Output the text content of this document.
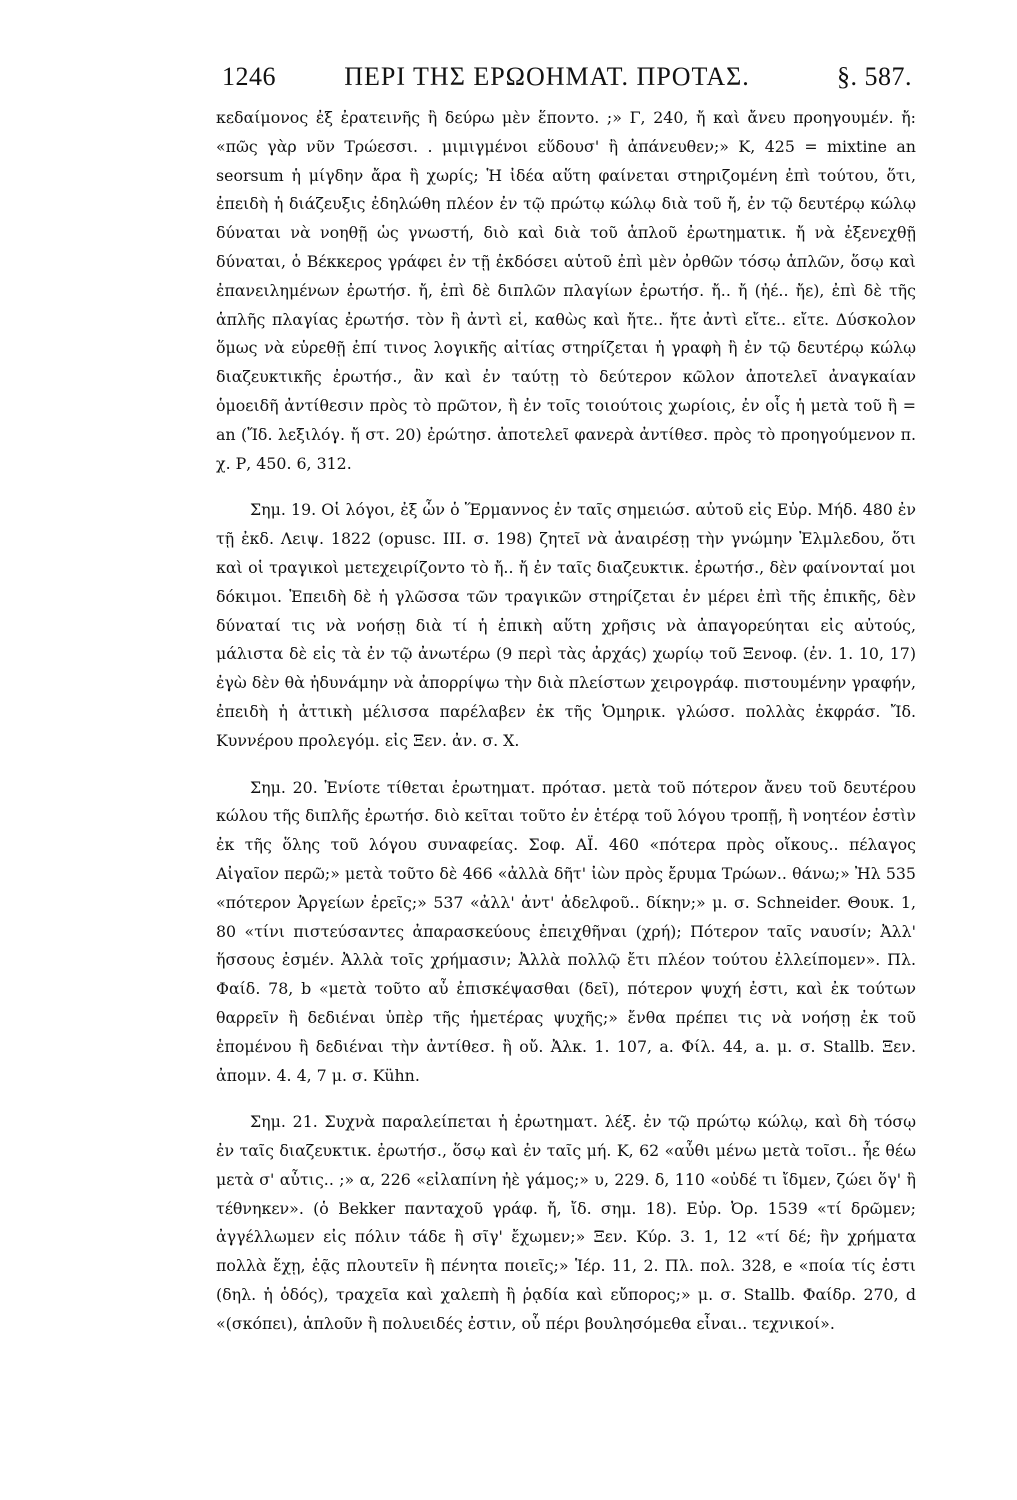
1246	ΠΕΡΙ ΤΗΣ ΕΡΩΟΗΜΑΤ. ΠΡΟΤΑΣ.	§. 587.

κεδαίμονος ἐξ ἐρατεινῆς ἢ δεύρω μὲν ἕποντο. ;» Γ, 240, ἤ καὶ ἄνευ προηγουμέν. ἤ: «πῶς γὰρ νῦν Τρώεσσι. . μιμιγμένοι εὕδουσ' ἢ ἀπάνευθεν;» Κ, 425 = mixtine an seorsum ἡ μίγδην ἄρα ἢ χωρίς; Ἡ ἰδέα αὕτη φαίνεται στηριζομένη ἐπὶ τούτου, ὅτι, ἐπειδὴ ἡ διάζευξις ἐδηλώθη πλέον ἐν τῷ πρώτῳ κώλῳ διὰ τοῦ ἤ, ἐν τῷ δευτέρῳ κώλῳ δύναται νὰ νοηθῇ ὡς γνωστή, διὸ καὶ διὰ τοῦ ἁπλοῦ ἐρωτηματικ. ἤ νὰ ἐξενεχθῇ δύναται, ὁ Βέκκερος γράφει ἐν τῇ ἐκδόσει αὑτοῦ ἐπὶ μὲν ὀρθῶν τόσῳ ἁπλῶν, ὅσῳ καὶ ἐπανειλημένων ἐρωτήσ. ἤ, ἐπὶ δὲ διπλῶν πλαγίων ἐρωτήσ. ἤ.. ἤ (ἠέ.. ἤε), ἐπὶ δὲ τῆς ἁπλῆς πλαγίας ἐρωτήσ. τὸν ἢ ἀντὶ εἰ, καθὼς καὶ ἤτε.. ἤτε ἀντὶ εἴτε.. εἴτε. Δύσκολον ὅμως νὰ εὑρεθῇ ἐπί τινος λογικῆς αἰτίας στηρίζεται ἡ γραφὴ ἢ ἐν τῷ δευτέρῳ κώλῳ διαζευκτικῆς ἐρωτήσ., ἂν καὶ ἐν ταύτῃ τὸ δεύτερον κῶλον ἀποτελεῖ ἀναγκαίαν ὁμοειδῆ ἀντίθεσιν πρὸς τὸ πρῶτον, ἢ ἐν τοῖς τοιούτοις χωρίοις, ἐν οἷς ἡ μετὰ τοῦ ἢ = an (Ἴδ. λεξιλόγ. ἤ στ. 20) ἐρώτησ. ἀποτελεῖ φανερὰ ἀντίθεσ. πρὸς τὸ προηγούμενον π. χ. Ρ, 450. 6, 312.

Σημ. 19. Οἱ λόγοι, ἐξ ὧν ὁ Ἕρμαννος ἐν ταῖς σημειώσ. αὐτοῦ εἰς Εὐρ. Μήδ. 480 ἐν τῇ ἐκδ. Λειψ. 1822 (opusc. III. σ. 198) ζητεῖ νὰ ἀναιρέσῃ τὴν γνώμην Ἐλμλεδου, ὅτι καὶ οἱ τραγικοὶ μετεχειρίζοντο τὸ ἤ.. ἤ ἐν ταῖς διαζευκτικ. ἐρωτήσ., δὲν φαίνονταί μοι δόκιμοι. Ἐπειδὴ δὲ ἡ γλῶσσα τῶν τραγικῶν στηρίζεται ἐν μέρει ἐπὶ τῆς ἐπικῆς, δὲν δύναταί τις νὰ νοήσῃ διὰ τί ἡ ἐπικὴ αὕτη χρῆσις νὰ ἀπαγορεύηται εἰς αὐτούς, μάλιστα δὲ εἰς τὰ ἐν τῷ ἀνωτέρω (9 περὶ τὰς ἀρχάς) χωρίῳ τοῦ Ξενοφ. (ἐν. 1. 10, 17) ἐγὼ δὲν θὰ ἠδυνάμην νὰ ἀπορρίψω τὴν διὰ πλείστων χειρογράφ. πιστουμένην γραφήν, ἐπειδὴ ἡ ἀττικὴ μέλισσα παρέλαβεν ἐκ τῆς Ὁμηρικ. γλώσσ. πολλὰς ἐκφράσ. Ἴδ. Κυννέρου προλεγόμ. εἰς Ξεν. ἀν. σ. Χ.

Σημ. 20. Ἐνίοτε τίθεται ἐρωτηματ. πρότασ. μετὰ τοῦ πότερον ἄνευ τοῦ δευτέρου κώλου τῆς διπλῆς ἐρωτήσ. διὸ κεῖται τοῦτο ἐν ἑτέρᾳ τοῦ λόγου τροπῇ, ἢ νοητέον ἐστὶν ἐκ τῆς ὅλης τοῦ λόγου συναφείας. Σοφ. ΑΪ. 460 «πότερα πρὸς οἴκους.. πέλαγος Αἰγαῖον περῶ;» μετὰ τοῦτο δὲ 466 «ἀλλὰ δῆτ' ἰὼν πρὸς ἔρυμα Τρώων.. θάνω;» Ἠλ 535 «πότερον Ἀργείων ἐρεῖς;» 537 «ἀλλ' ἀντ' ἀδελφοῦ.. δίκην;» μ. σ. Schneider. Θουκ. 1, 80 «τίνι πιστεύσαντες ἀπαρασκεύους ἐπειχθῆναι (χρή); Πότερον ταῖς ναυσίν; Ἀλλ' ἥσσους ἐσμέν. Ἀλλὰ τοῖς χρήμασιν; Ἀλλὰ πολλῷ ἔτι πλέον τούτου ἐλλείπομεν». Πλ. Φαίδ. 78, b «μετὰ τοῦτο αὖ ἐπισκέψασθαι (δεῖ), πότερον ψυχή ἐστι, καὶ ἐκ τούτων θαρρεῖν ἢ δεδιέναι ὑπὲρ τῆς ἡμετέρας ψυχῆς;» ἔνθα πρέπει τις νὰ νοήσῃ ἐκ τοῦ ἑπομένου ἢ δεδιέναι τὴν ἀντίθεσ. ἢ οὔ. Ἀλκ. 1. 107, a. Φίλ. 44, a. μ. σ. Stallb. Ξεν. ἀπομν. 4. 4, 7 μ. σ. Kühn.

Σημ. 21. Συχνὰ παραλείπεται ἡ ἐρωτηματ. λέξ. ἐν τῷ πρώτῳ κώλῳ, καὶ δὴ τόσῳ ἐν ταῖς διαζευκτικ. ἐρωτήσ., ὅσῳ καὶ ἐν ταῖς μή. Κ, 62 «αὖθι μένω μετὰ τοῖσι.. ἦε θέω μετὰ σ' αὖτις.. ;» α, 226 «εἰλαπίνη ἠὲ γάμος;» υ, 229. δ, 110 «οὐδέ τι ἴδμεν, ζώει ὅγ' ἢ τέθνηκεν». (ὁ Bekker πανταχοῦ γράφ. ἤ, ἴδ. σημ. 18). Εὐρ. Ὀρ. 1539 «τί δρῶμεν; ἀγγέλλωμεν εἰς πόλιν τάδε ἢ σῖγ' ἔχωμεν;» Ξεν. Κύρ. 3. 1, 12 «τί δέ; ἣν χρήματα πολλὰ ἔχῃ, ἐᾷς πλουτεῖν ἢ πένητα ποιεῖς;» Ἱέρ. 11, 2. Πλ. πολ. 328, e «ποία τίς ἐστι (δηλ. ἡ ὁδός), τραχεῖα καὶ χαλεπὴ ἢ ῥᾳδία καὶ εὔπορος;» μ. σ. Stallb. Φαίδρ. 270, d «(σκόπει), ἁπλοῦν ἢ πολυειδές ἐστιν, οὗ πέρι βουλησόμεθα εἶναι.. τεχνικοί».
